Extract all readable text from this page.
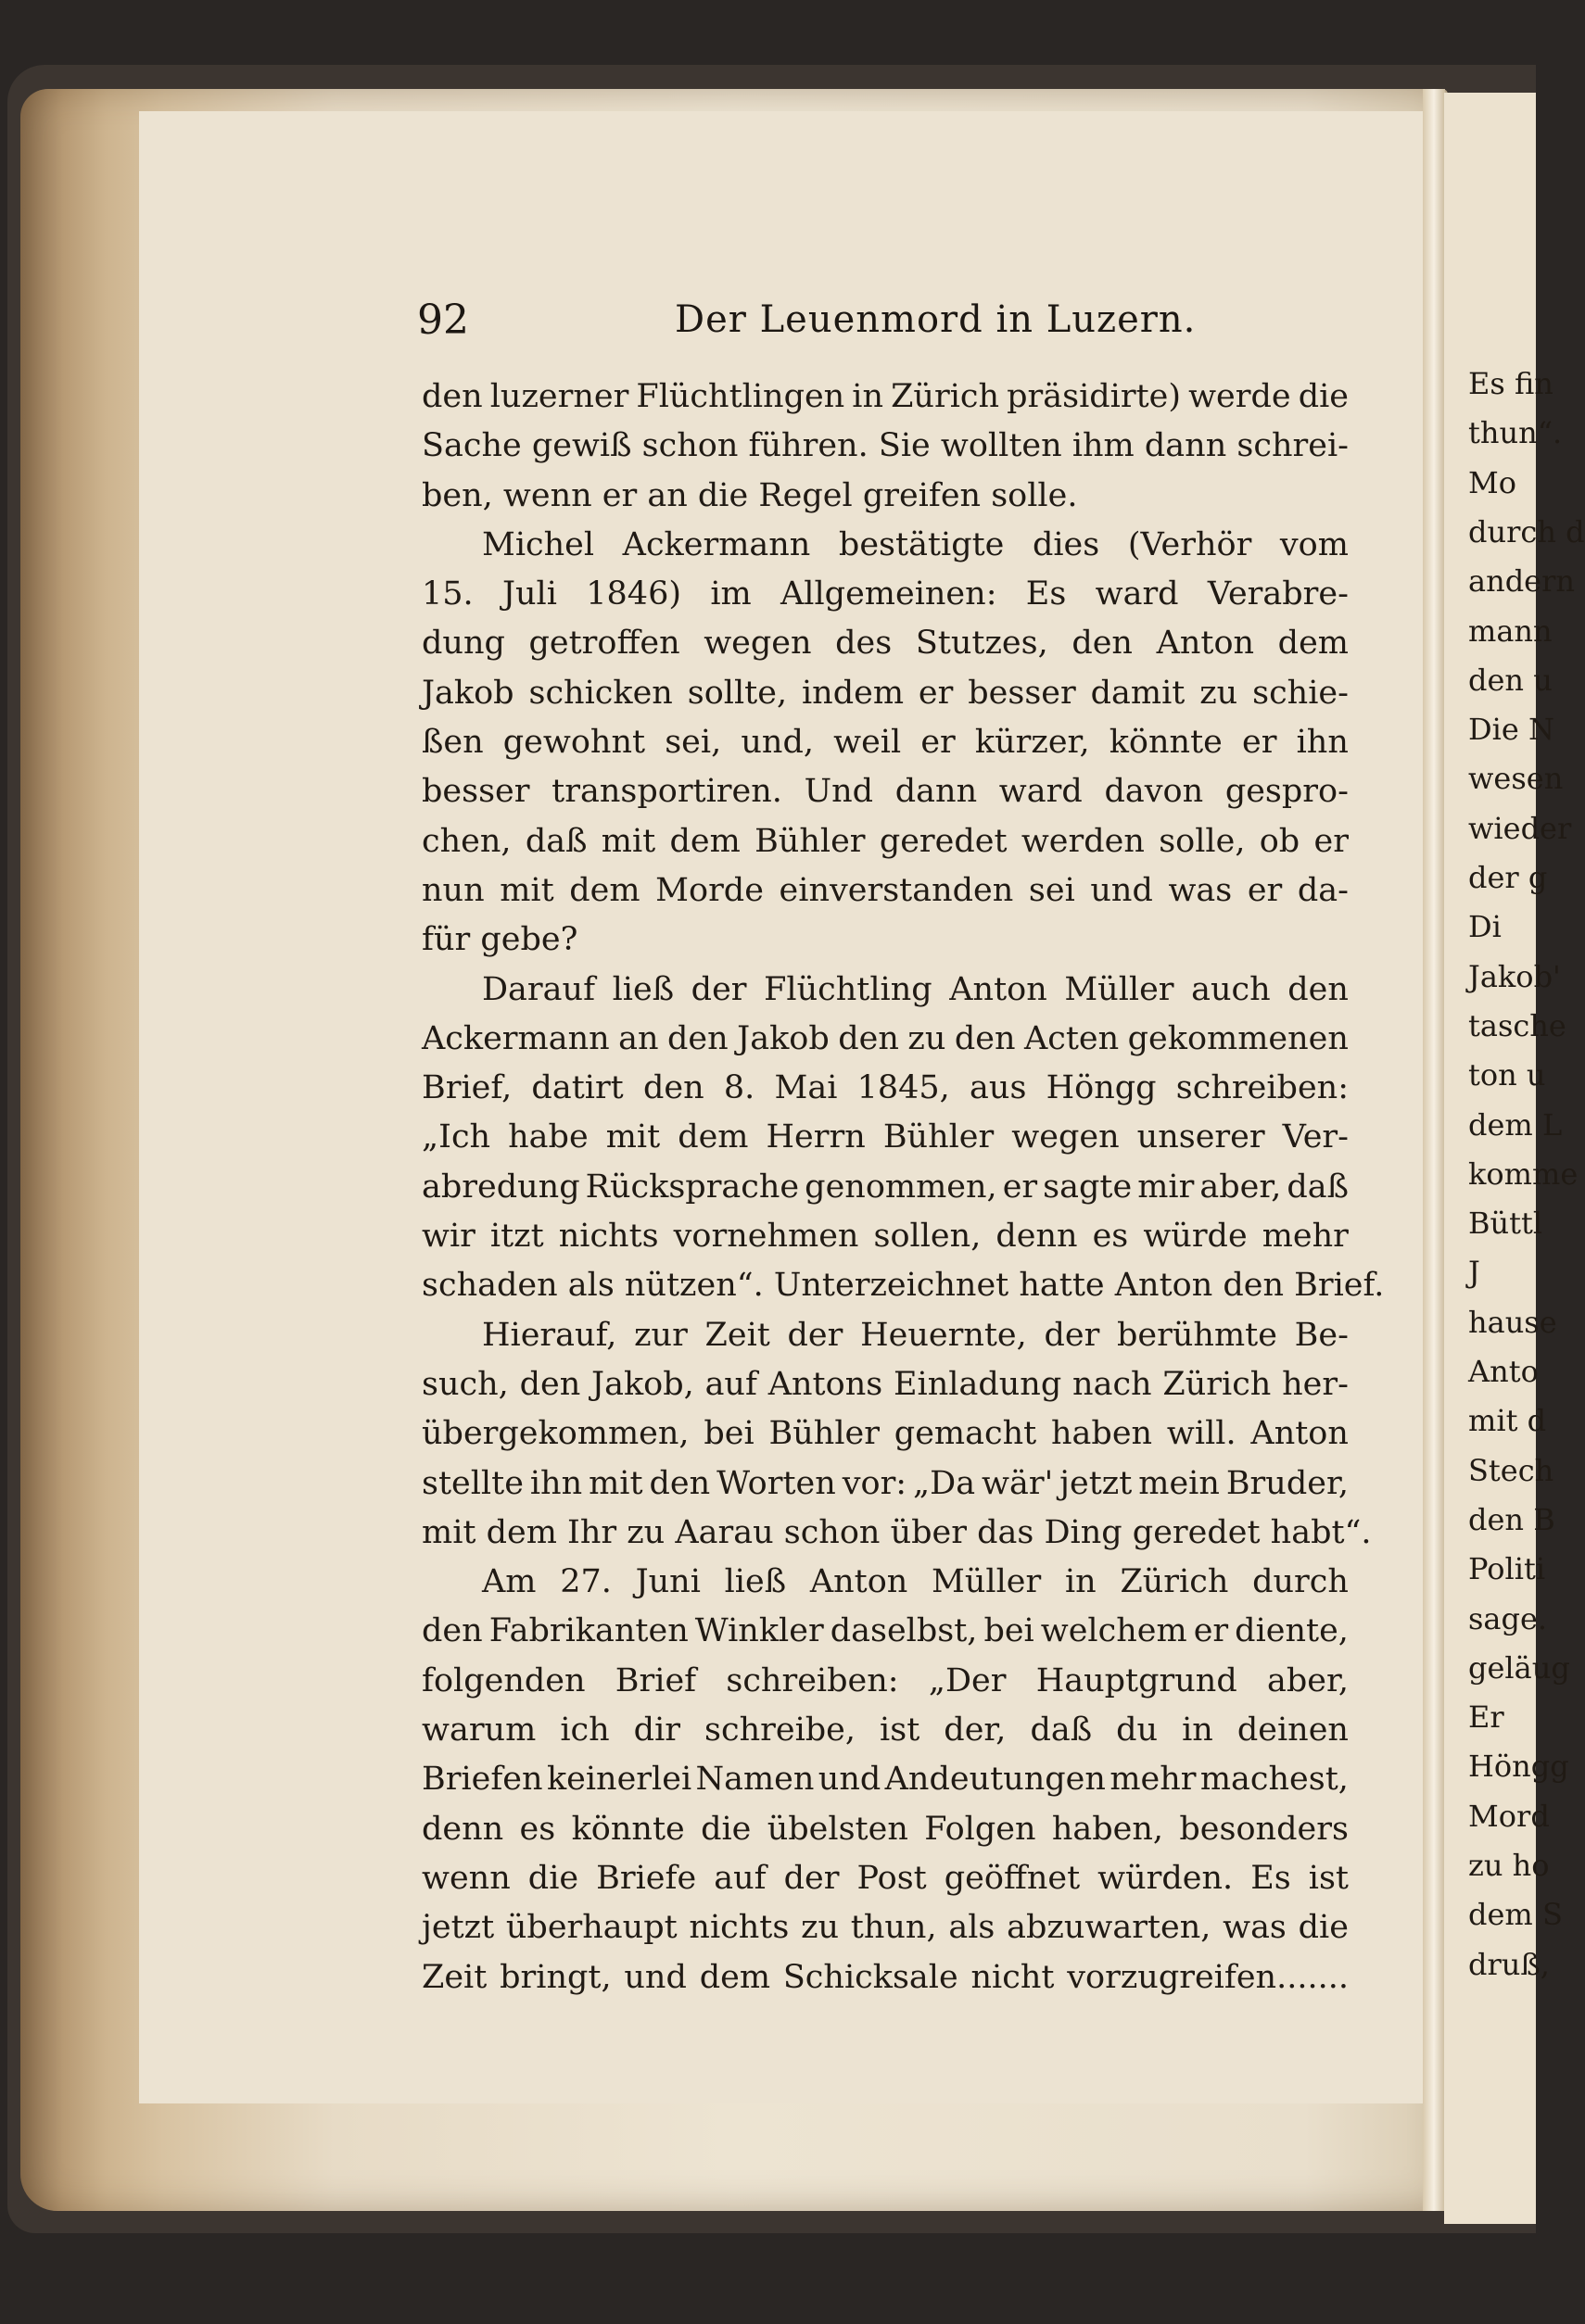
Es fin
thun“.
Mo
durch d
andern
mann
den u
Die N
wesen
wieder
der g
Di
Jakob'
tasche
ton u
dem L
komme
Büttl
J
hause
Anto
mit d
Stech
den B
Politi
sage.
geläug
Er
Höngg
Mord
zu ho
dem S
druß,
92	Der Leuenmord in Luzern.
den luzerner Flüchtlingen in Zürich präsidirte) werde die
Sache gewiß schon führen. Sie wollten ihm dann schrei-
ben, wenn er an die Regel greifen solle.
Michel Ackermann bestätigte dies (Verhör vom
15. Juli 1846) im Allgemeinen: Es ward Verabre-
dung getroffen wegen des Stutzes, den Anton dem
Jakob schicken sollte, indem er besser damit zu schie-
ßen gewohnt sei, und, weil er kürzer, könnte er ihn
besser transportiren. Und dann ward davon gespro-
chen, daß mit dem Bühler geredet werden solle, ob er
nun mit dem Morde einverstanden sei und was er da-
für gebe?
Darauf ließ der Flüchtling Anton Müller auch den
Ackermann an den Jakob den zu den Acten gekommenen
Brief, datirt den 8. Mai 1845, aus Höngg schreiben:
„Ich habe mit dem Herrn Bühler wegen unserer Ver-
abredung Rücksprache genommen, er sagte mir aber, daß
wir itzt nichts vornehmen sollen, denn es würde mehr
schaden als nützen“. Unterzeichnet hatte Anton den Brief.
Hierauf, zur Zeit der Heuernte, der berühmte Be-
such, den Jakob, auf Antons Einladung nach Zürich her-
übergekommen, bei Bühler gemacht haben will. Anton
stellte ihn mit den Worten vor: „Da wär' jetzt mein Bruder,
mit dem Ihr zu Aarau schon über das Ding geredet habt“.
Am 27. Juni ließ Anton Müller in Zürich durch
den Fabrikanten Winkler daselbst, bei welchem er diente,
folgenden Brief schreiben: „Der Hauptgrund aber,
warum ich dir schreibe, ist der, daß du in deinen
Briefen keinerlei Namen und Andeutungen mehr machest,
denn es könnte die übelsten Folgen haben, besonders
wenn die Briefe auf der Post geöffnet würden. Es ist
jetzt überhaupt nichts zu thun, als abzuwarten, was die
Zeit bringt, und dem Schicksale nicht vorzugreifen.......
